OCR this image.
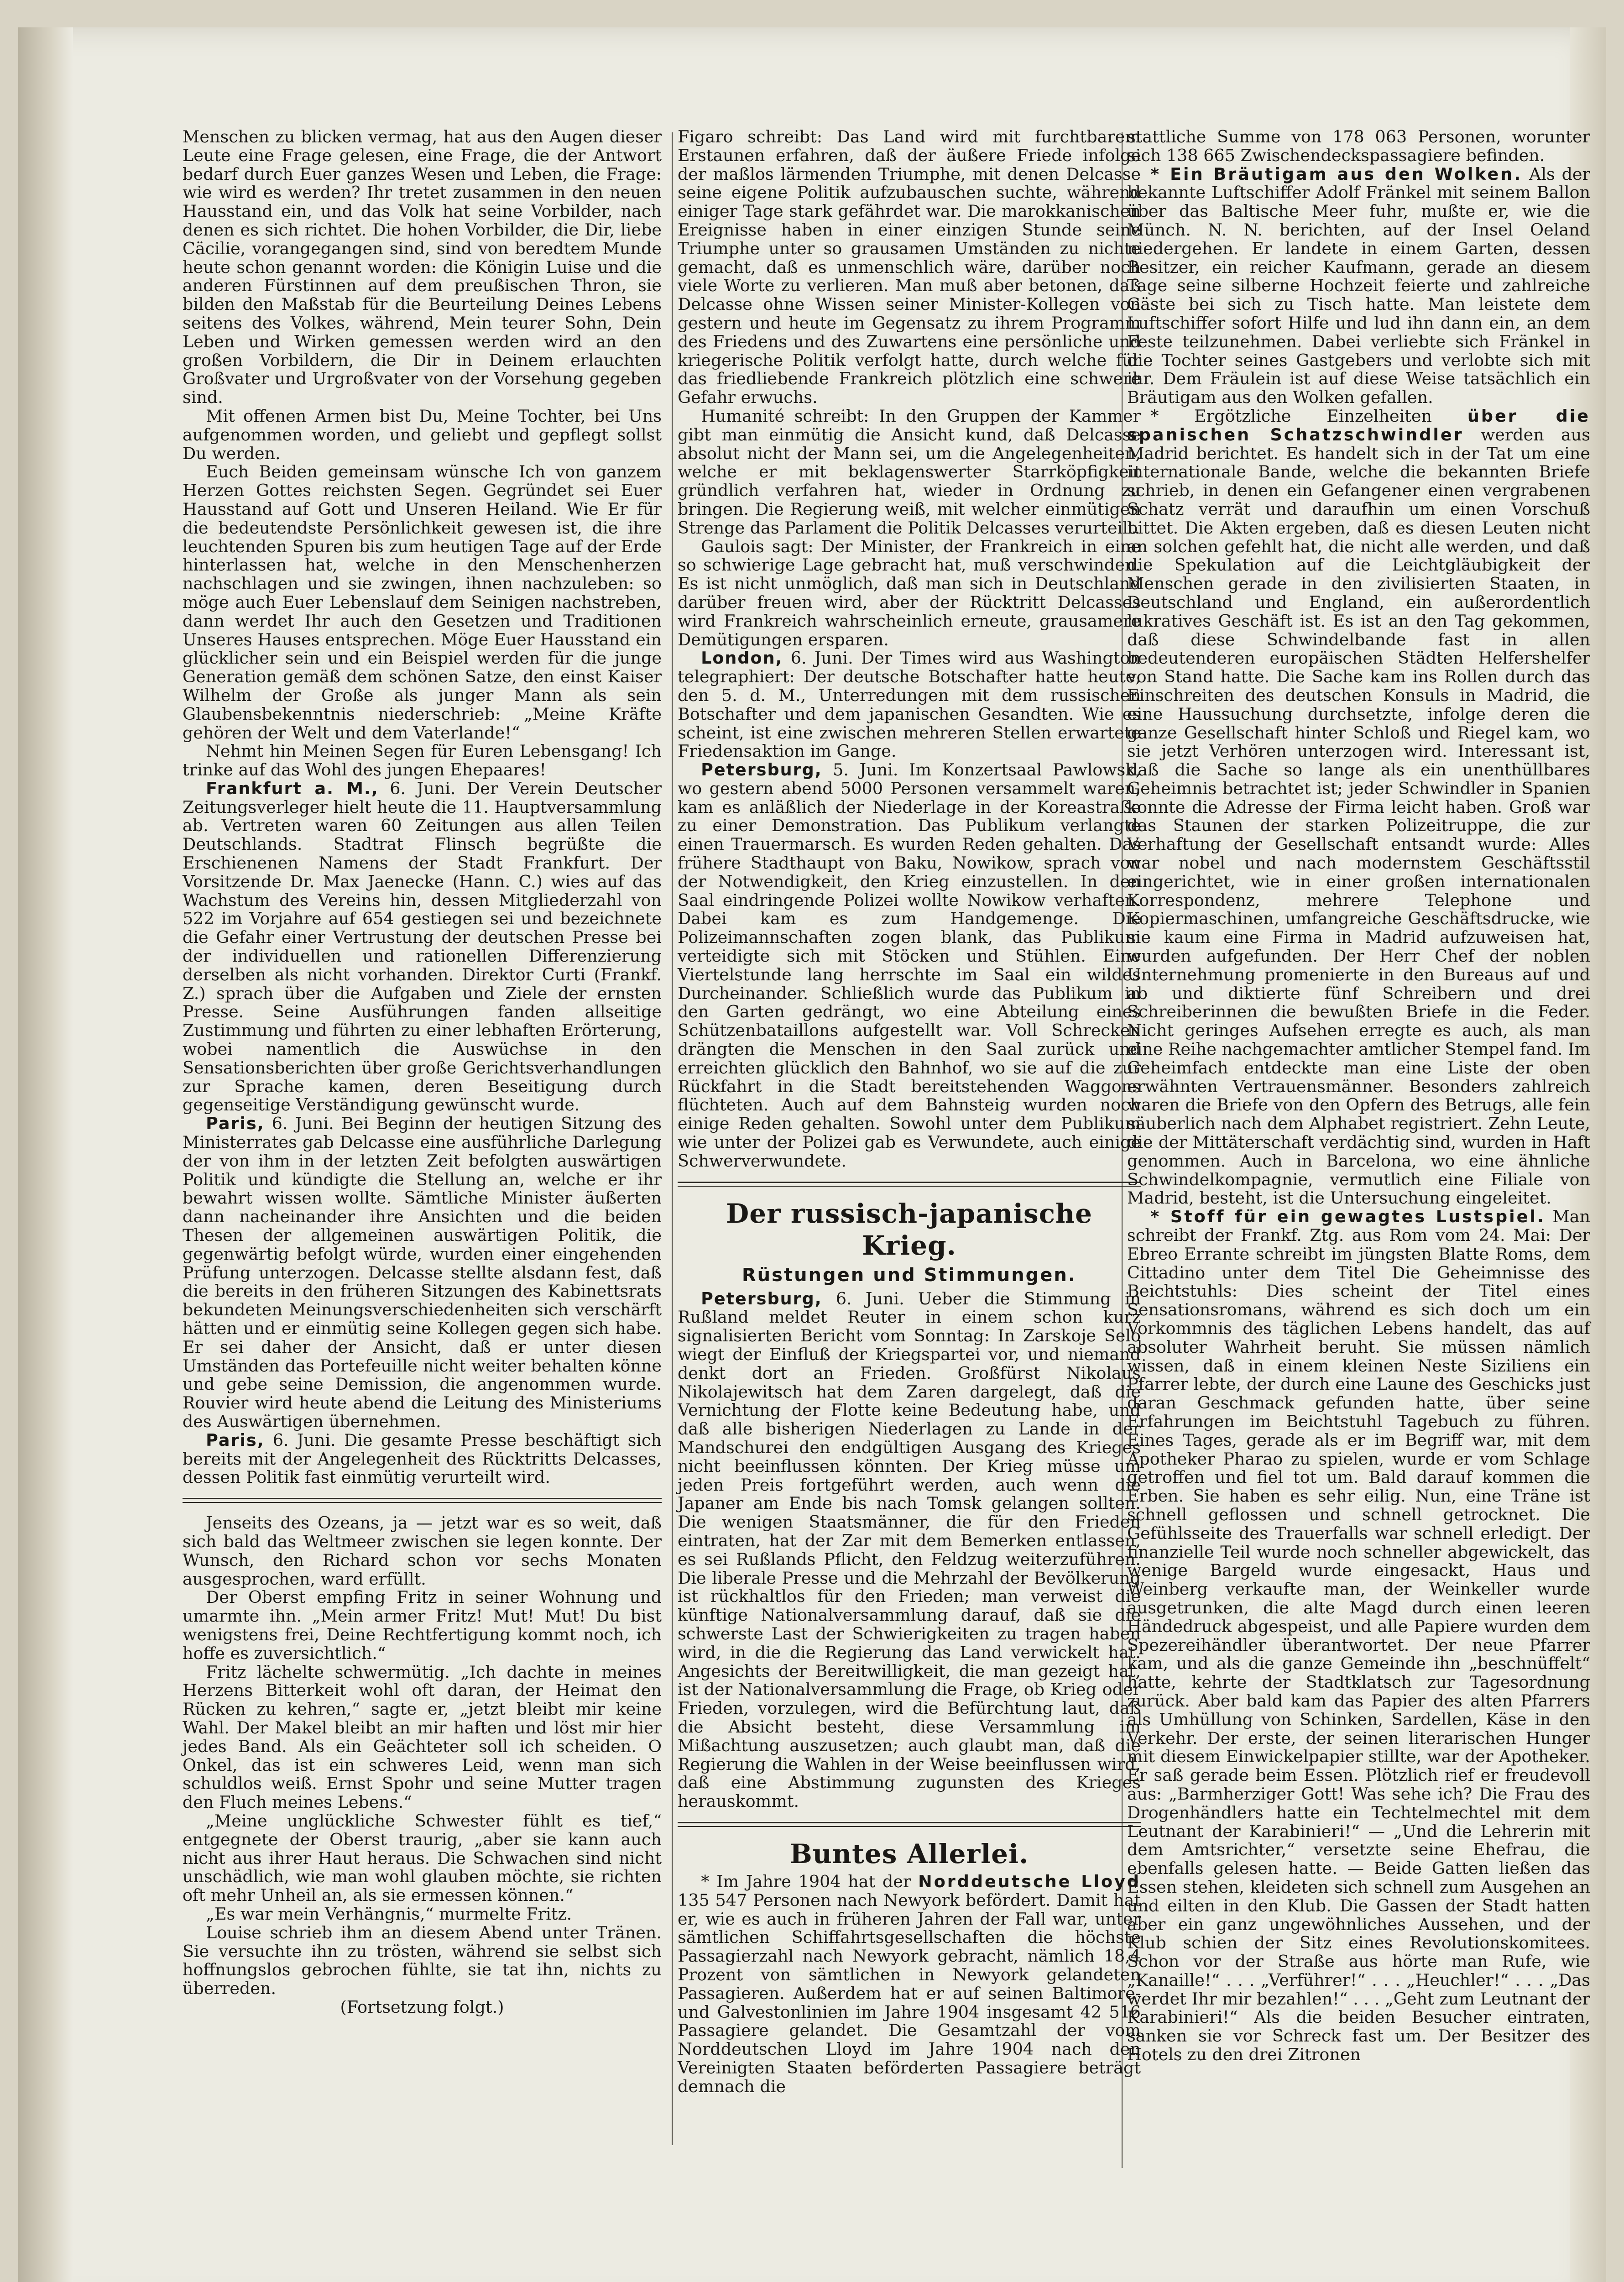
Menschen zu blicken vermag, hat aus den Augen dieser Leute eine Frage gelesen, eine Frage, die der Antwort bedarf durch Euer ganzes Wesen und Leben, die Frage: wie wird es werden? Ihr tretet zusammen in den neuen Hausstand ein, und das Volk hat seine Vorbilder, nach denen es sich richtet. Die hohen Vorbilder, die Dir, liebe Cäcilie, vorangegangen sind, sind von beredtem Munde heute schon genannt worden: die Königin Luise und die anderen Fürstinnen auf dem preußischen Thron, sie bilden den Maßstab für die Beurteilung Deines Lebens seitens des Volkes, während, Mein teurer Sohn, Dein Leben und Wirken gemessen werden wird an den großen Vorbildern, die Dir in Deinem erlauchten Großvater und Urgroßvater von der Vorsehung gegeben sind.

Mit offenen Armen bist Du, Meine Tochter, bei Uns aufgenommen worden, und geliebt und gepflegt sollst Du werden.

Euch Beiden gemeinsam wünsche Ich von ganzem Herzen Gottes reichsten Segen. Gegründet sei Euer Hausstand auf Gott und Unseren Heiland. Wie Er für die bedeutendste Persönlichkeit gewesen ist, die ihre leuchtenden Spuren bis zum heutigen Tage auf der Erde hinterlassen hat, welche in den Menschenherzen nachschlagen und sie zwingen, ihnen nachzuleben: so möge auch Euer Lebenslauf dem Seinigen nachstreben, dann werdet Ihr auch den Gesetzen und Traditionen Unseres Hauses entsprechen. Möge Euer Hausstand ein glücklicher sein und ein Beispiel werden für die junge Generation gemäß dem schönen Satze, den einst Kaiser Wilhelm der Große als junger Mann als sein Glaubensbekenntnis niederschrieb: „Meine Kräfte gehören der Welt und dem Vaterlande!“

Nehmt hin Meinen Segen für Euren Lebensgang! Ich trinke auf das Wohl des jungen Ehepaares!

Frankfurt a. M., 6. Juni. Der Verein Deutscher Zeitungsverleger hielt heute die 11. Hauptversammlung ab. Vertreten waren 60 Zeitungen aus allen Teilen Deutschlands. Stadtrat Flinsch begrüßte die Erschienenen Namens der Stadt Frankfurt. Der Vorsitzende Dr. Max Jaenecke (Hann. C.) wies auf das Wachstum des Vereins hin, dessen Mitgliederzahl von 522 im Vorjahre auf 654 gestiegen sei und bezeichnete die Gefahr einer Vertrustung der deutschen Presse bei der individuellen und rationellen Differenzierung derselben als nicht vorhanden. Direktor Curti (Frankf. Z.) sprach über die Aufgaben und Ziele der ernsten Presse. Seine Ausführungen fanden allseitige Zustimmung und führten zu einer lebhaften Erörterung, wobei namentlich die Auswüchse in den Sensationsberichten über große Gerichtsverhandlungen zur Sprache kamen, deren Beseitigung durch gegenseitige Verständigung gewünscht wurde.

Paris, 6. Juni. Bei Beginn der heutigen Sitzung des Ministerrates gab Delcasse eine ausführliche Darlegung der von ihm in der letzten Zeit befolgten auswärtigen Politik und kündigte die Stellung an, welche er ihr bewahrt wissen wollte. Sämtliche Minister äußerten dann nacheinander ihre Ansichten und die beiden Thesen der allgemeinen auswärtigen Politik, die gegenwärtig befolgt würde, wurden einer eingehenden Prüfung unterzogen. Delcasse stellte alsdann fest, daß die bereits in den früheren Sitzungen des Kabinettsrats bekundeten Meinungsverschiedenheiten sich verschärft hätten und er einmütig seine Kollegen gegen sich habe. Er sei daher der Ansicht, daß er unter diesen Umständen das Portefeuille nicht weiter behalten könne und gebe seine Demission, die angenommen wurde. Rouvier wird heute abend die Leitung des Ministeriums des Auswärtigen übernehmen.

Paris, 6. Juni. Die gesamte Presse beschäftigt sich bereits mit der Angelegenheit des Rücktritts Delcasses, dessen Politik fast einmütig verurteilt wird.

Jenseits des Ozeans, ja — jetzt war es so weit, daß sich bald das Weltmeer zwischen sie legen konnte. Der Wunsch, den Richard schon vor sechs Monaten ausgesprochen, ward erfüllt.

Der Oberst empfing Fritz in seiner Wohnung und umarmte ihn. „Mein armer Fritz! Mut! Mut! Du bist wenigstens frei, Deine Rechtfertigung kommt noch, ich hoffe es zuversichtlich.“

Fritz lächelte schwermütig. „Ich dachte in meines Herzens Bitterkeit wohl oft daran, der Heimat den Rücken zu kehren,“ sagte er, „jetzt bleibt mir keine Wahl. Der Makel bleibt an mir haften und löst mir hier jedes Band. Als ein Geächteter soll ich scheiden. O Onkel, das ist ein schweres Leid, wenn man sich schuldlos weiß. Ernst Spohr und seine Mutter tragen den Fluch meines Lebens.“

„Meine unglückliche Schwester fühlt es tief,“ entgegnete der Oberst traurig, „aber sie kann auch nicht aus ihrer Haut heraus. Die Schwachen sind nicht unschädlich, wie man wohl glauben möchte, sie richten oft mehr Unheil an, als sie ermessen können.“

„Es war mein Verhängnis,“ murmelte Fritz.

Louise schrieb ihm an diesem Abend unter Tränen. Sie versuchte ihn zu trösten, während sie selbst sich hoffnungslos gebrochen fühlte, sie tat ihn, nichts zu überreden.

(Fortsetzung folgt.)

Figaro schreibt: Das Land wird mit furchtbarem Erstaunen erfahren, daß der äußere Friede infolge der maßlos lärmenden Triumphe, mit denen Delcasse seine eigene Politik aufzubauschen suchte, während einiger Tage stark gefährdet war. Die marokkanischen Ereignisse haben in einer einzigen Stunde seine Triumphe unter so grausamen Umständen zu nichte gemacht, daß es unmenschlich wäre, darüber noch viele Worte zu verlieren. Man muß aber betonen, daß Delcasse ohne Wissen seiner Minister-Kollegen von gestern und heute im Gegensatz zu ihrem Programm des Friedens und des Zuwartens eine persönliche und kriegerische Politik verfolgt hatte, durch welche für das friedliebende Frankreich plötzlich eine schwere Gefahr erwuchs.

Humanité schreibt: In den Gruppen der Kammer gibt man einmütig die Ansicht kund, daß Delcasse absolut nicht der Mann sei, um die Angelegenheiten, welche er mit beklagenswerter Starrköpfigkeit gründlich verfahren hat, wieder in Ordnung zu bringen. Die Regierung weiß, mit welcher einmütigen Strenge das Parlament die Politik Delcasses verurteilt.

Gaulois sagt: Der Minister, der Frankreich in eine so schwierige Lage gebracht hat, muß verschwinden. Es ist nicht unmöglich, daß man sich in Deutschland darüber freuen wird, aber der Rücktritt Delcasses wird Frankreich wahrscheinlich erneute, grausamere Demütigungen ersparen.

London, 6. Juni. Der Times wird aus Washington telegraphiert: Der deutsche Botschafter hatte heute, den 5. d. M., Unterredungen mit dem russischen Botschafter und dem japanischen Gesandten. Wie es scheint, ist eine zwischen mehreren Stellen erwartete Friedensaktion im Gange.

Petersburg, 5. Juni. Im Konzertsaal Pawlowsk, wo gestern abend 5000 Personen versammelt waren, kam es anläßlich der Niederlage in der Koreastraße zu einer Demonstration. Das Publikum verlangte einen Trauermarsch. Es wurden Reden gehalten. Das frühere Stadthaupt von Baku, Nowikow, sprach von der Notwendigkeit, den Krieg einzustellen. In den Saal eindringende Polizei wollte Nowikow verhaften. Dabei kam es zum Handgemenge. Die Polizeimannschaften zogen blank, das Publikum verteidigte sich mit Stöcken und Stühlen. Eine Viertelstunde lang herrschte im Saal ein wildes Durcheinander. Schließlich wurde das Publikum in den Garten gedrängt, wo eine Abteilung eines Schützenbataillons aufgestellt war. Voll Schrecken drängten die Menschen in den Saal zurück und erreichten glücklich den Bahnhof, wo sie auf die zur Rückfahrt in die Stadt bereitstehenden Waggons flüchteten. Auch auf dem Bahnsteig wurden noch einige Reden gehalten. Sowohl unter dem Publikum wie unter der Polizei gab es Verwundete, auch einige Schwerverwundete.

Der russisch-japanische Krieg.
Rüstungen und Stimmungen.

Petersburg, 6. Juni. Ueber die Stimmung in Rußland meldet Reuter in einem schon kurz signalisierten Bericht vom Sonntag: In Zarskoje Selo wiegt der Einfluß der Kriegspartei vor, und niemand denkt dort an Frieden. Großfürst Nikolaus Nikolajewitsch hat dem Zaren dargelegt, daß die Vernichtung der Flotte keine Bedeutung habe, und daß alle bisherigen Niederlagen zu Lande in der Mandschurei den endgültigen Ausgang des Krieges nicht beeinflussen könnten. Der Krieg müsse um jeden Preis fortgeführt werden, auch wenn die Japaner am Ende bis nach Tomsk gelangen sollten. Die wenigen Staatsmänner, die für den Frieden eintraten, hat der Zar mit dem Bemerken entlassen, es sei Rußlands Pflicht, den Feldzug weiterzuführen. Die liberale Presse und die Mehrzahl der Bevölkerung ist rückhaltlos für den Frieden; man verweist die künftige Nationalversammlung darauf, daß sie die schwerste Last der Schwierigkeiten zu tragen haben wird, in die die Regierung das Land verwickelt hat. Angesichts der Bereitwilligkeit, die man gezeigt hat, ist der Nationalversammlung die Frage, ob Krieg oder Frieden, vorzulegen, wird die Befürchtung laut, daß die Absicht besteht, diese Versammlung im Mißachtung auszusetzen; auch glaubt man, daß die Regierung die Wahlen in der Weise beeinflussen wird, daß eine Abstimmung zugunsten des Krieges herauskommt.

Buntes Allerlei.

* Im Jahre 1904 hat der Norddeutsche Lloyd 135 547 Personen nach Newyork befördert. Damit hat er, wie es auch in früheren Jahren der Fall war, unter sämtlichen Schiffahrtsgesellschaften die höchste Passagierzahl nach Newyork gebracht, nämlich 18,4 Prozent von sämtlichen in Newyork gelandeten Passagieren. Außerdem hat er auf seinen Baltimore- und Galvestonlinien im Jahre 1904 insgesamt 42 516 Passagiere gelandet. Die Gesamtzahl der vom Norddeutschen Lloyd im Jahre 1904 nach den Vereinigten Staaten beförderten Passagiere beträgt demnach die

stattliche Summe von 178 063 Personen, worunter sich 138 665 Zwischendeckspassagiere befinden.

* Ein Bräutigam aus den Wolken. Als der bekannte Luftschiffer Adolf Fränkel mit seinem Ballon über das Baltische Meer fuhr, mußte er, wie die Münch. N. N. berichten, auf der Insel Oeland niedergehen. Er landete in einem Garten, dessen Besitzer, ein reicher Kaufmann, gerade an diesem Tage seine silberne Hochzeit feierte und zahlreiche Gäste bei sich zu Tisch hatte. Man leistete dem Luftschiffer sofort Hilfe und lud ihn dann ein, an dem Feste teilzunehmen. Dabei verliebte sich Fränkel in die Tochter seines Gastgebers und verlobte sich mit ihr. Dem Fräulein ist auf diese Weise tatsächlich ein Bräutigam aus den Wolken gefallen.

* Ergötzliche Einzelheiten über die spanischen Schatzschwindler werden aus Madrid berichtet. Es handelt sich in der Tat um eine internationale Bande, welche die bekannten Briefe schrieb, in denen ein Gefangener einen vergrabenen Schatz verrät und daraufhin um einen Vorschuß bittet. Die Akten ergeben, daß es diesen Leuten nicht an solchen gefehlt hat, die nicht alle werden, und daß die Spekulation auf die Leichtgläubigkeit der Menschen gerade in den zivilisierten Staaten, in Deutschland und England, ein außerordentlich lukratives Geschäft ist. Es ist an den Tag gekommen, daß diese Schwindelbande fast in allen bedeutenderen europäischen Städten Helfershelfer von Stand hatte. Die Sache kam ins Rollen durch das Einschreiten des deutschen Konsuls in Madrid, die eine Haussuchung durchsetzte, infolge deren die ganze Gesellschaft hinter Schloß und Riegel kam, wo sie jetzt Verhören unterzogen wird. Interessant ist, daß die Sache so lange als ein unenthüllbares Geheimnis betrachtet ist; jeder Schwindler in Spanien konnte die Adresse der Firma leicht haben. Groß war das Staunen der starken Polizeitruppe, die zur Verhaftung der Gesellschaft entsandt wurde: Alles war nobel und nach modernstem Geschäftsstil eingerichtet, wie in einer großen internationalen Korrespondenz, mehrere Telephone und Kopiermaschinen, umfangreiche Geschäftsdrucke, wie sie kaum eine Firma in Madrid aufzuweisen hat, wurden aufgefunden. Der Herr Chef der noblen Unternehmung promenierte in den Bureaus auf und ab und diktierte fünf Schreibern und drei Schreiberinnen die bewußten Briefe in die Feder. Nicht geringes Aufsehen erregte es auch, als man eine Reihe nachgemachter amtlicher Stempel fand. Im Geheimfach entdeckte man eine Liste der oben erwähnten Vertrauensmänner. Besonders zahlreich waren die Briefe von den Opfern des Betrugs, alle fein säuberlich nach dem Alphabet registriert. Zehn Leute, die der Mittäterschaft verdächtig sind, wurden in Haft genommen. Auch in Barcelona, wo eine ähnliche Schwindelkompagnie, vermutlich eine Filiale von Madrid, besteht, ist die Untersuchung eingeleitet.

* Stoff für ein gewagtes Lustspiel. Man schreibt der Frankf. Ztg. aus Rom vom 24. Mai: Der Ebreo Errante schreibt im jüngsten Blatte Roms, dem Cittadino unter dem Titel Die Geheimnisse des Beichtstuhls: Dies scheint der Titel eines Sensationsromans, während es sich doch um ein Vorkommnis des täglichen Lebens handelt, das auf absoluter Wahrheit beruht. Sie müssen nämlich wissen, daß in einem kleinen Neste Siziliens ein Pfarrer lebte, der durch eine Laune des Geschicks just daran Geschmack gefunden hatte, über seine Erfahrungen im Beichtstuhl Tagebuch zu führen. Eines Tages, gerade als er im Begriff war, mit dem Apotheker Pharao zu spielen, wurde er vom Schlage getroffen und fiel tot um. Bald darauf kommen die Erben. Sie haben es sehr eilig. Nun, eine Träne ist schnell geflossen und schnell getrocknet. Die Gefühlsseite des Trauerfalls war schnell erledigt. Der finanzielle Teil wurde noch schneller abgewickelt, das wenige Bargeld wurde eingesackt, Haus und Weinberg verkaufte man, der Weinkeller wurde ausgetrunken, die alte Magd durch einen leeren Händedruck abgespeist, und alle Papiere wurden dem Spezereihändler überantwortet. Der neue Pfarrer kam, und als die ganze Gemeinde ihn „beschnüffelt“ hatte, kehrte der Stadtklatsch zur Tagesordnung zurück. Aber bald kam das Papier des alten Pfarrers als Umhüllung von Schinken, Sardellen, Käse in den Verkehr. Der erste, der seinen literarischen Hunger mit diesem Einwickelpapier stillte, war der Apotheker. Er saß gerade beim Essen. Plötzlich rief er freudevoll aus: „Barmherziger Gott! Was sehe ich? Die Frau des Drogenhändlers hatte ein Techtelmechtel mit dem Leutnant der Karabinieri!“ — „Und die Lehrerin mit dem Amtsrichter,“ versetzte seine Ehefrau, die ebenfalls gelesen hatte. — Beide Gatten ließen das Essen stehen, kleideten sich schnell zum Ausgehen an und eilten in den Klub. Die Gassen der Stadt hatten aber ein ganz ungewöhnliches Aussehen, und der Klub schien der Sitz eines Revolutionskomitees. Schon vor der Straße aus hörte man Rufe, wie „Kanaille!“ . . . „Verführer!“ . . . „Heuchler!“ . . . „Das werdet Ihr mir bezahlen!“ . . . „Geht zum Leutnant der Karabinieri!“ Als die beiden Besucher eintraten, sanken sie vor Schreck fast um. Der Besitzer des Hotels zu den drei Zitronen
